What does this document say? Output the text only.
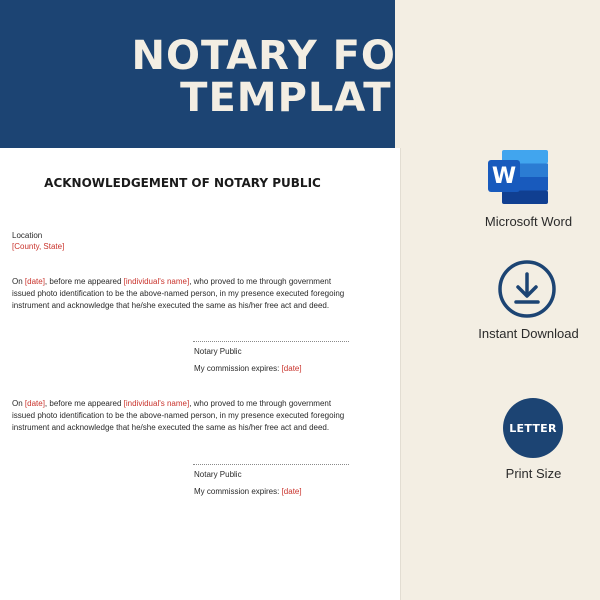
NOTARY FORM
TEMPLATE
ACKNOWLEDGEMENT OF NOTARY PUBLIC
Location
[County, State]
On [date], before me appeared [individual's name], who proved to me through government
issued photo identification to be the above-named person, in my presence executed foregoing
instrument and acknowledge that he/she executed the same as his/her free act and deed.
Notary Public
My commission expires: [date]
On [date], before me appeared [individual's name], who proved to me through government
issued photo identification to be the above-named person, in my presence executed foregoing
instrument and acknowledge that he/she executed the same as his/her free act and deed.
Notary Public
My commission expires: [date]
W
Microsoft Word
Instant Download
LETTER
Print Size
